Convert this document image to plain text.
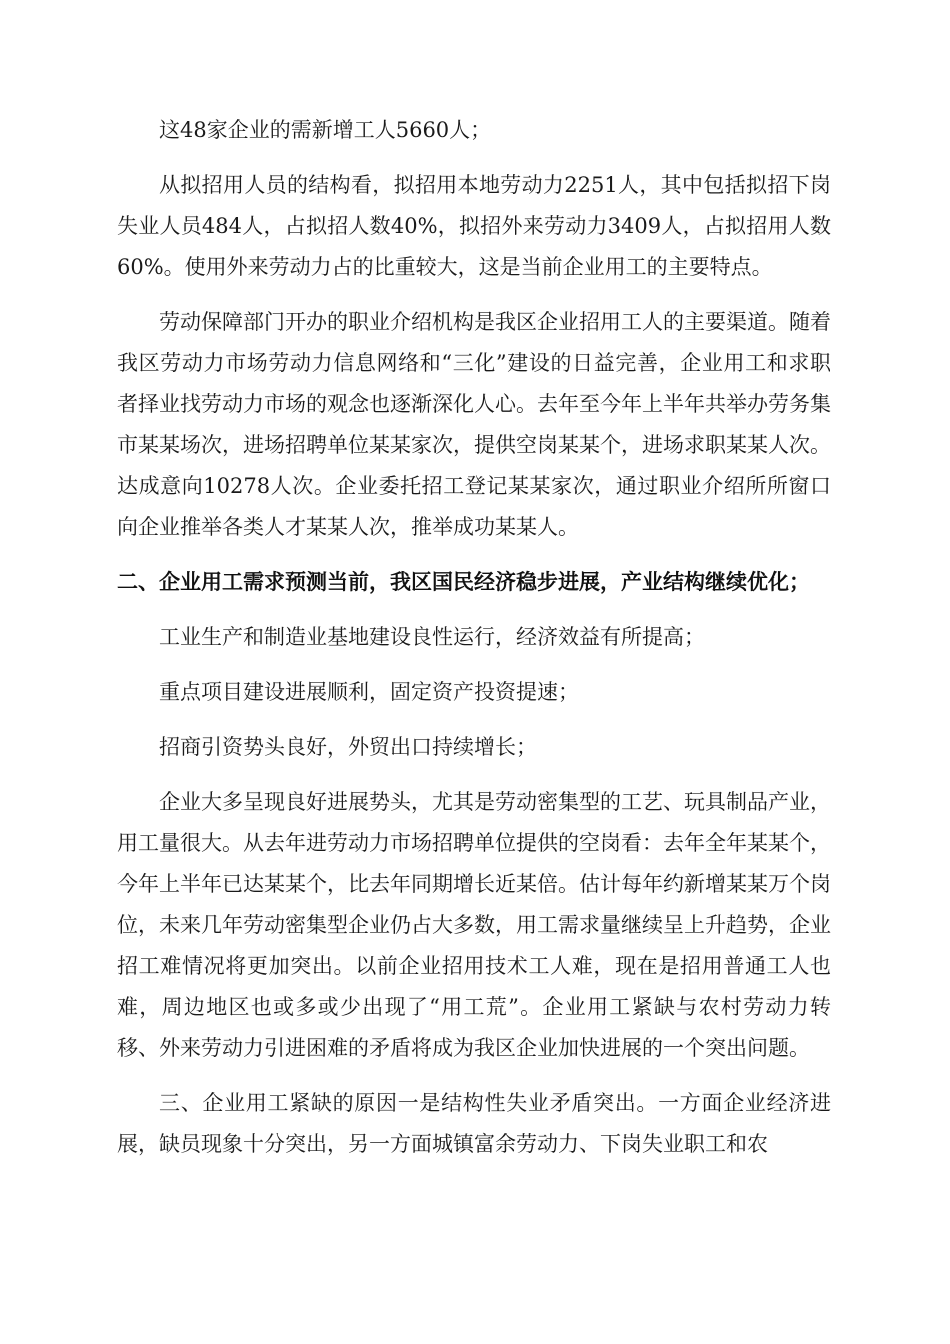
这48家企业的需新增工人5660人；

从拟招用人员的结构看，拟招用本地劳动力2251人，其中包括拟招下岗失业人员484人，占拟招人数40%，拟招外来劳动力3409人，占拟招用人数60%。使用外来劳动力占的比重较大，这是当前企业用工的主要特点。

劳动保障部门开办的职业介绍机构是我区企业招用工人的主要渠道。随着我区劳动力市场劳动力信息网络和“三化”建设的日益完善，企业用工和求职者择业找劳动力市场的观念也逐渐深化人心。去年至今年上半年共举办劳务集市某某场次，进场招聘单位某某家次，提供空岗某某个，进场求职某某人次。达成意向10278人次。企业委托招工登记某某家次，通过职业介绍所所窗口向企业推举各类人才某某人次，推举成功某某人。

二、企业用工需求预测当前，我区国民经济稳步进展，产业结构继续优化；

工业生产和制造业基地建设良性运行，经济效益有所提高；

重点项目建设进展顺利，固定资产投资提速；

招商引资势头良好，外贸出口持续增长；

企业大多呈现良好进展势头，尤其是劳动密集型的工艺、玩具制品产业，用工量很大。从去年进劳动力市场招聘单位提供的空岗看：去年全年某某个，今年上半年已达某某个，比去年同期增长近某倍。估计每年约新增某某万个岗位，未来几年劳动密集型企业仍占大多数，用工需求量继续呈上升趋势，企业招工难情况将更加突出。以前企业招用技术工人难，现在是招用普通工人也难，周边地区也或多或少出现了“用工荒”。企业用工紧缺与农村劳动力转移、外来劳动力引进困难的矛盾将成为我区企业加快进展的一个突出问题。

三、企业用工紧缺的原因一是结构性失业矛盾突出。一方面企业经济进展，缺员现象十分突出，另一方面城镇富余劳动力、下岗失业职工和农
